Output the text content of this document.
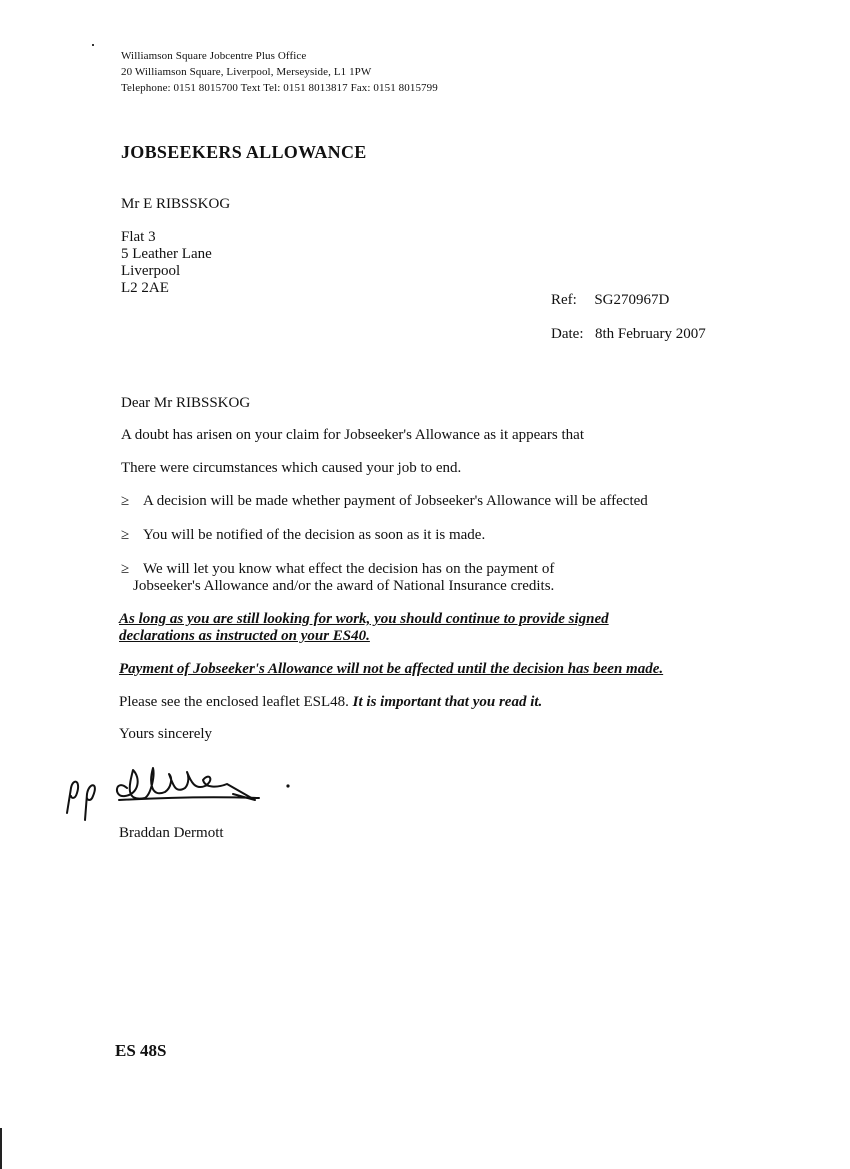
Williamson Square Jobcentre Plus Office
20 Williamson Square, Liverpool, Merseyside, L1 1PW
Telephone: 0151 8015700 Text Tel: 0151 8013817 Fax: 0151 8015799
JOBSEEKERS ALLOWANCE
Mr E RIBSSKOG
Flat 3
5 Leather Lane
Liverpool
L2 2AE
Ref: SG270967D
Date: 8th February 2007
Dear Mr RIBSSKOG
A doubt has arisen on your claim for Jobseeker's Allowance as it appears that
There were circumstances which caused your job to end.
≥ A decision will be made whether payment of Jobseeker's Allowance will be affected
≥ You will be notified of the decision as soon as it is made.
≥ We will let you know what effect the decision has on the payment of
Jobseeker's Allowance and/or the award of National Insurance credits.
As long as you are still looking for work, you should continue to provide signed
declarations as instructed on your ES40.
Payment of Jobseeker's Allowance will not be affected until the decision has been made.
Please see the enclosed leaflet ESL48. It is important that you read it.
Yours sincerely
Braddan Dermott
ES 48S
